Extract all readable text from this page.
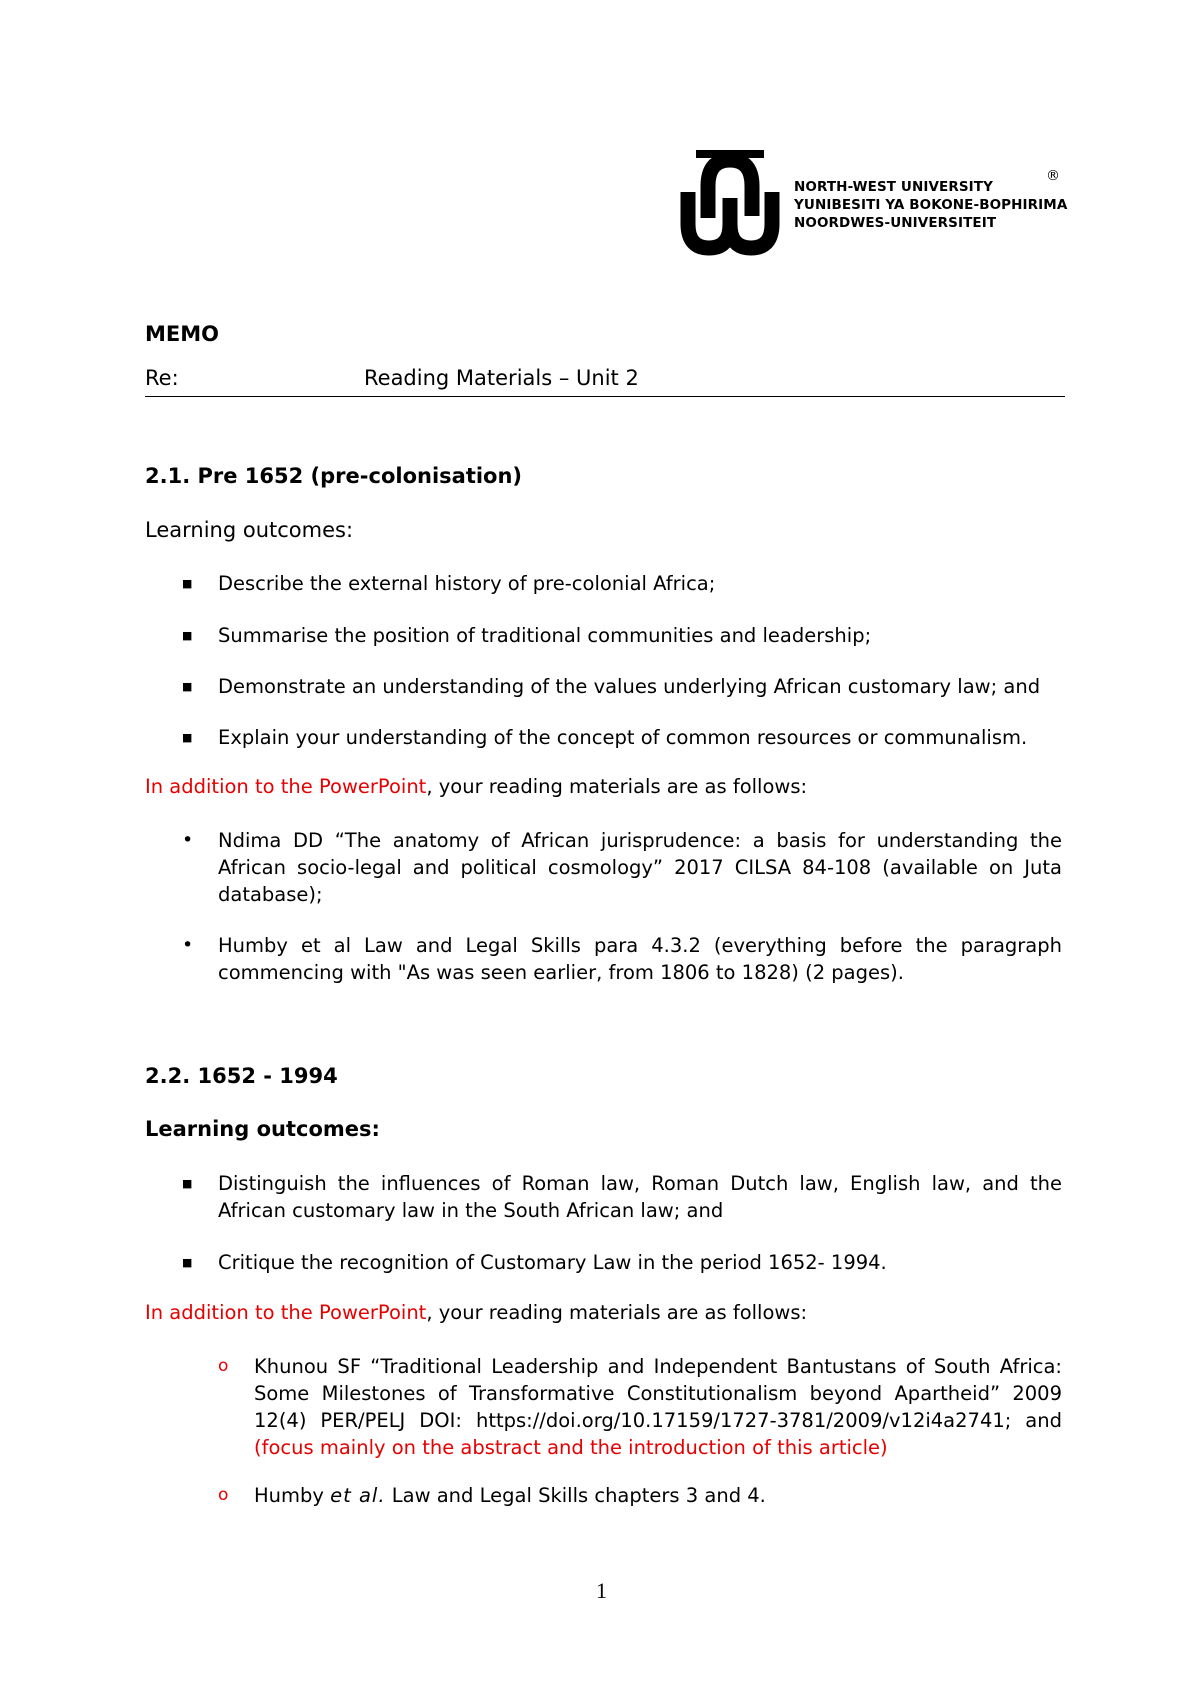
NORTH-WEST UNIVERSITY
YUNIBESITI YA BOKONE-BOPHIRIMA
NOORDWES-UNIVERSITEIT
®
MEMO
Re:	Reading Materials – Unit 2
2.1. Pre 1652 (pre-colonisation)
Learning outcomes:
■ Describe the external history of pre-colonial Africa;
■ Summarise the position of traditional communities and leadership;
■ Demonstrate an understanding of the values underlying African customary law; and
■ Explain your understanding of the concept of common resources or communalism.
In addition to the PowerPoint, your reading materials are as follows:
• Ndima DD “The anatomy of African jurisprudence: a basis for understanding the African socio-legal and political cosmology” 2017 CILSA 84-108 (available on Juta database);
• Humby et al Law and Legal Skills para 4.3.2 (everything before the paragraph commencing with "As was seen earlier, from 1806 to 1828) (2 pages).
2.2. 1652 - 1994
Learning outcomes:
■ Distinguish the influences of Roman law, Roman Dutch law, English law, and the African customary law in the South African law; and
■ Critique the recognition of Customary Law in the period 1652- 1994.
In addition to the PowerPoint, your reading materials are as follows:
o Khunou SF “Traditional Leadership and Independent Bantustans of South Africa: Some Milestones of Transformative Constitutionalism beyond Apartheid” 2009 12(4) PER/PELJ DOI: https://doi.org/10.17159/1727-3781/2009/v12i4a2741; and (focus mainly on the abstract and the introduction of this article)
o Humby et al. Law and Legal Skills chapters 3 and 4.
1
